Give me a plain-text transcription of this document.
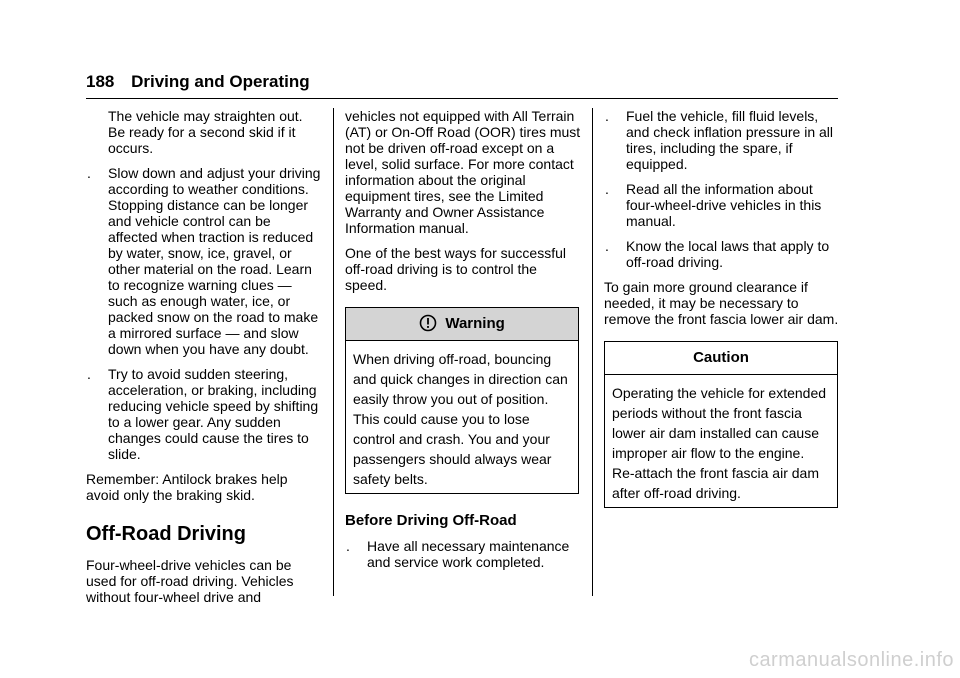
188 Driving and Operating

The vehicle may straighten out. Be ready for a second skid if it occurs.

. Slow down and adjust your driving according to weather conditions. Stopping distance can be longer and vehicle control can be affected when traction is reduced by water, snow, ice, gravel, or other material on the road. Learn to recognize warning clues — such as enough water, ice, or packed snow on the road to make a mirrored surface — and slow down when you have any doubt.
. Try to avoid sudden steering, acceleration, or braking, including reducing vehicle speed by shifting to a lower gear. Any sudden changes could cause the tires to slide.

Remember: Antilock brakes help avoid only the braking skid.

Off-Road Driving

Four-wheel-drive vehicles can be used for off-road driving. Vehicles without four-wheel drive and

vehicles not equipped with All Terrain (AT) or On-Off Road (OOR) tires must not be driven off-road except on a level, solid surface. For more contact information about the original equipment tires, see the Limited Warranty and Owner Assistance Information manual.

One of the best ways for successful off-road driving is to control the speed.

Warning
When driving off-road, bouncing and quick changes in direction can easily throw you out of position. This could cause you to lose control and crash. You and your passengers should always wear safety belts.
Before Driving Off-Road
. Have all necessary maintenance and service work completed.
. Fuel the vehicle, fill fluid levels, and check inflation pressure in all tires, including the spare, if equipped.
. Read all the information about four-wheel-drive vehicles in this manual.
. Know the local laws that apply to off-road driving.

To gain more ground clearance if needed, it may be necessary to remove the front fascia lower air dam.

Caution
Operating the vehicle for extended periods without the front fascia lower air dam installed can cause improper air flow to the engine. Re-attach the front fascia air dam after off-road driving.
carmanualsonline.info
